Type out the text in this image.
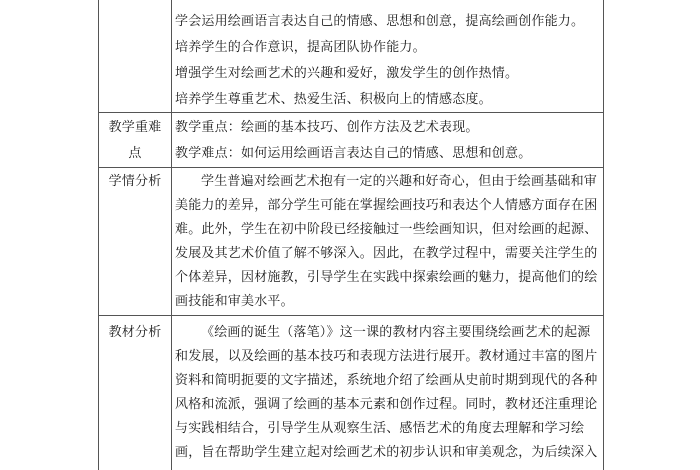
学会运用绘画语言表达自己的情感、思想和创意，提高绘画创作能力。
培养学生的合作意识，提高团队协作能力。
增强学生对绘画艺术的兴趣和爱好，激发学生的创作热情。
培养学生尊重艺术、热爱生活、积极向上的情感态度。
教学重难
点
教学重点：绘画的基本技巧、创作方法及艺术表现。
教学难点：如何运用绘画语言表达自己的情感、思想和创意。
学情分析	学生普遍对绘画艺术抱有一定的兴趣和好奇心，但由于绘画基础和审
美能力的差异，部分学生可能在掌握绘画技巧和表达个人情感方面存在困
难。此外，学生在初中阶段已经接触过一些绘画知识，但对绘画的起源、
发展及其艺术价值了解不够深入。因此，在教学过程中，需要关注学生的
个体差异，因材施教，引导学生在实践中探索绘画的魅力，提高他们的绘
画技能和审美水平。
教材分析	《绘画的诞生（落笔）》这一课的教材内容主要围绕绘画艺术的起源
和发展，以及绘画的基本技巧和表现方法进行展开。教材通过丰富的图片
资料和简明扼要的文字描述，系统地介绍了绘画从史前时期到现代的各种
风格和流派，强调了绘画的基本元素和创作过程。同时，教材还注重理论
与实践相结合，引导学生从观察生活、感悟艺术的角度去理解和学习绘
画，旨在帮助学生建立起对绘画艺术的初步认识和审美观念，为后续深入
